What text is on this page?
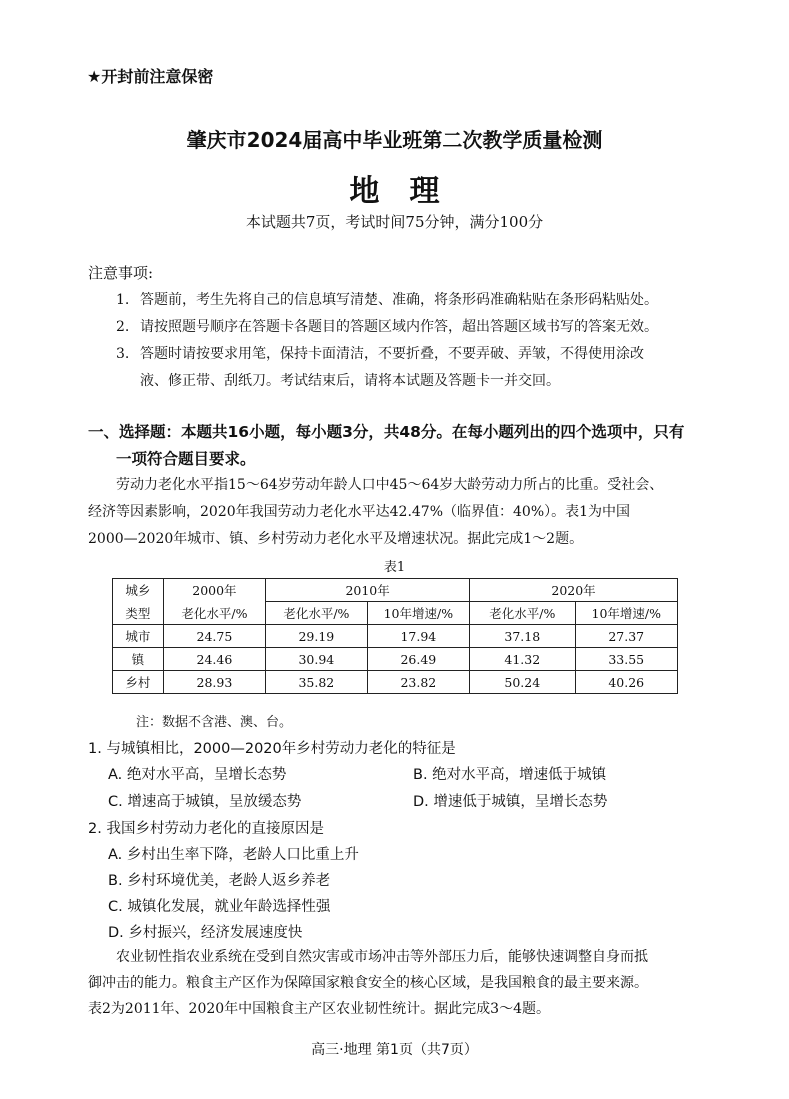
★开封前注意保密
肇庆市2024届高中毕业班第二次教学质量检测
地理
本试题共7页，考试时间75分钟，满分100分
注意事项:
1. 答题前，考生先将自己的信息填写清楚、准确，将条形码准确粘贴在条形码粘贴处。
2. 请按照题号顺序在答题卡各题目的答题区域内作答，超出答题区域书写的答案无效。
3. 答题时请按要求用笔，保持卡面清洁，不要折叠，不要弄破、弄皱，不得使用涂改
液、修正带、刮纸刀。考试结束后，请将本试题及答题卡一并交回。
一、选择题：本题共16小题，每小题3分，共48分。在每小题列出的四个选项中，只有
一项符合题目要求。
劳动力老化水平指15～64岁劳动年龄人口中45～64岁大龄劳动力所占的比重。受社会、
经济等因素影响，2020年我国劳动力老化水平达42.47%（临界值：40%）。表1为中国
2000—2020年城市、镇、乡村劳动力老化水平及增速状况。据此完成1～2题。
表1
城乡	2000年	2010年		2020年	
类型	老化水平/%	老化水平/%	10年增速/%	老化水平/%	10年增速/%
城市	24.75	29.19	17.94	37.18	27.37
镇	24.46	30.94	26.49	41.32	33.55
乡村	28.93	35.82	23.82	50.24	40.26
注：数据不含港、澳、台。
1. 与城镇相比，2000—2020年乡村劳动力老化的特征是
A. 绝对水平高，呈增长态势	B. 绝对水平高，增速低于城镇
C. 增速高于城镇，呈放缓态势	D. 增速低于城镇，呈增长态势
2. 我国乡村劳动力老化的直接原因是
A. 乡村出生率下降，老龄人口比重上升
B. 乡村环境优美，老龄人返乡养老
C. 城镇化发展，就业年龄选择性强
D. 乡村振兴，经济发展速度快
农业韧性指农业系统在受到自然灾害或市场冲击等外部压力后，能够快速调整自身而抵
御冲击的能力。粮食主产区作为保障国家粮食安全的核心区域，是我国粮食的最主要来源。
表2为2011年、2020年中国粮食主产区农业韧性统计。据此完成3～4题。
高三·地理 第1页（共7页）
